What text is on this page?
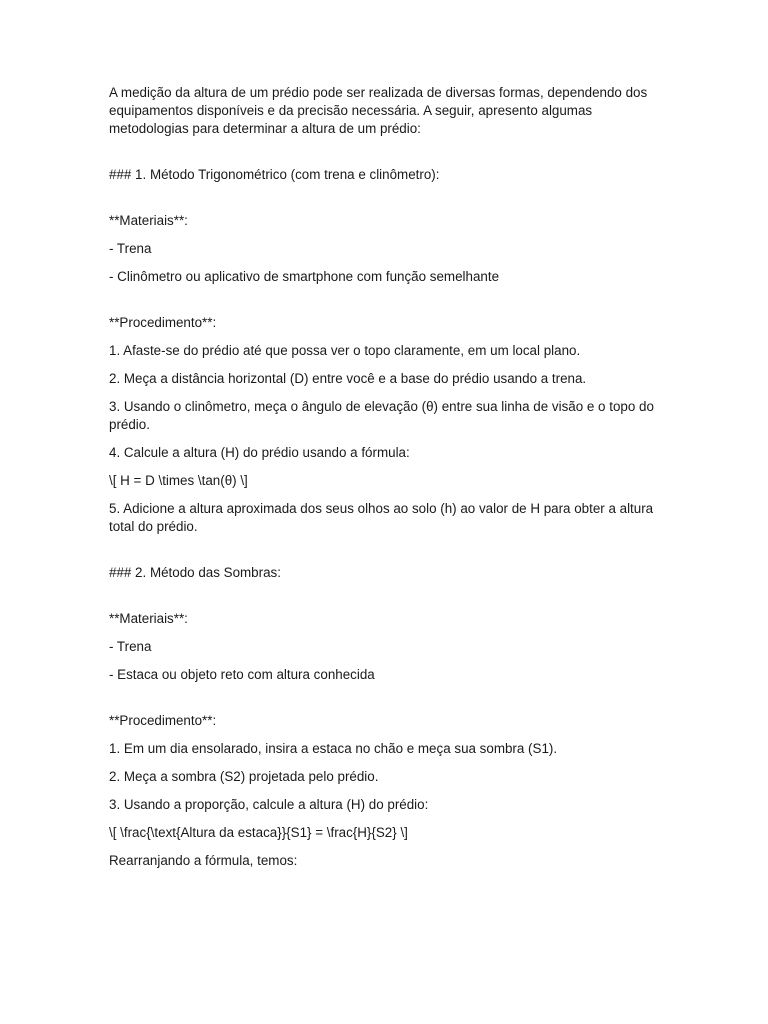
A medição da altura de um prédio pode ser realizada de diversas formas, dependendo dos equipamentos disponíveis e da precisão necessária. A seguir, apresento algumas metodologias para determinar a altura de um prédio:

### 1. Método Trigonométrico (com trena e clinômetro):

**Materiais**:

- Trena

- Clinômetro ou aplicativo de smartphone com função semelhante

**Procedimento**:

1. Afaste-se do prédio até que possa ver o topo claramente, em um local plano.

2. Meça a distância horizontal (D) entre você e a base do prédio usando a trena.

3. Usando o clinômetro, meça o ângulo de elevação (θ) entre sua linha de visão e o topo do prédio.

4. Calcule a altura (H) do prédio usando a fórmula:

\[ H = D \times \tan(θ) \]

5. Adicione a altura aproximada dos seus olhos ao solo (h) ao valor de H para obter a altura total do prédio.

### 2. Método das Sombras:

**Materiais**:

- Trena

- Estaca ou objeto reto com altura conhecida

**Procedimento**:

1. Em um dia ensolarado, insira a estaca no chão e meça sua sombra (S1).

2. Meça a sombra (S2) projetada pelo prédio.

3. Usando a proporção, calcule a altura (H) do prédio:

\[ \frac{\text{Altura da estaca}}{S1} = \frac{H}{S2} \]

Rearranjando a fórmula, temos:
